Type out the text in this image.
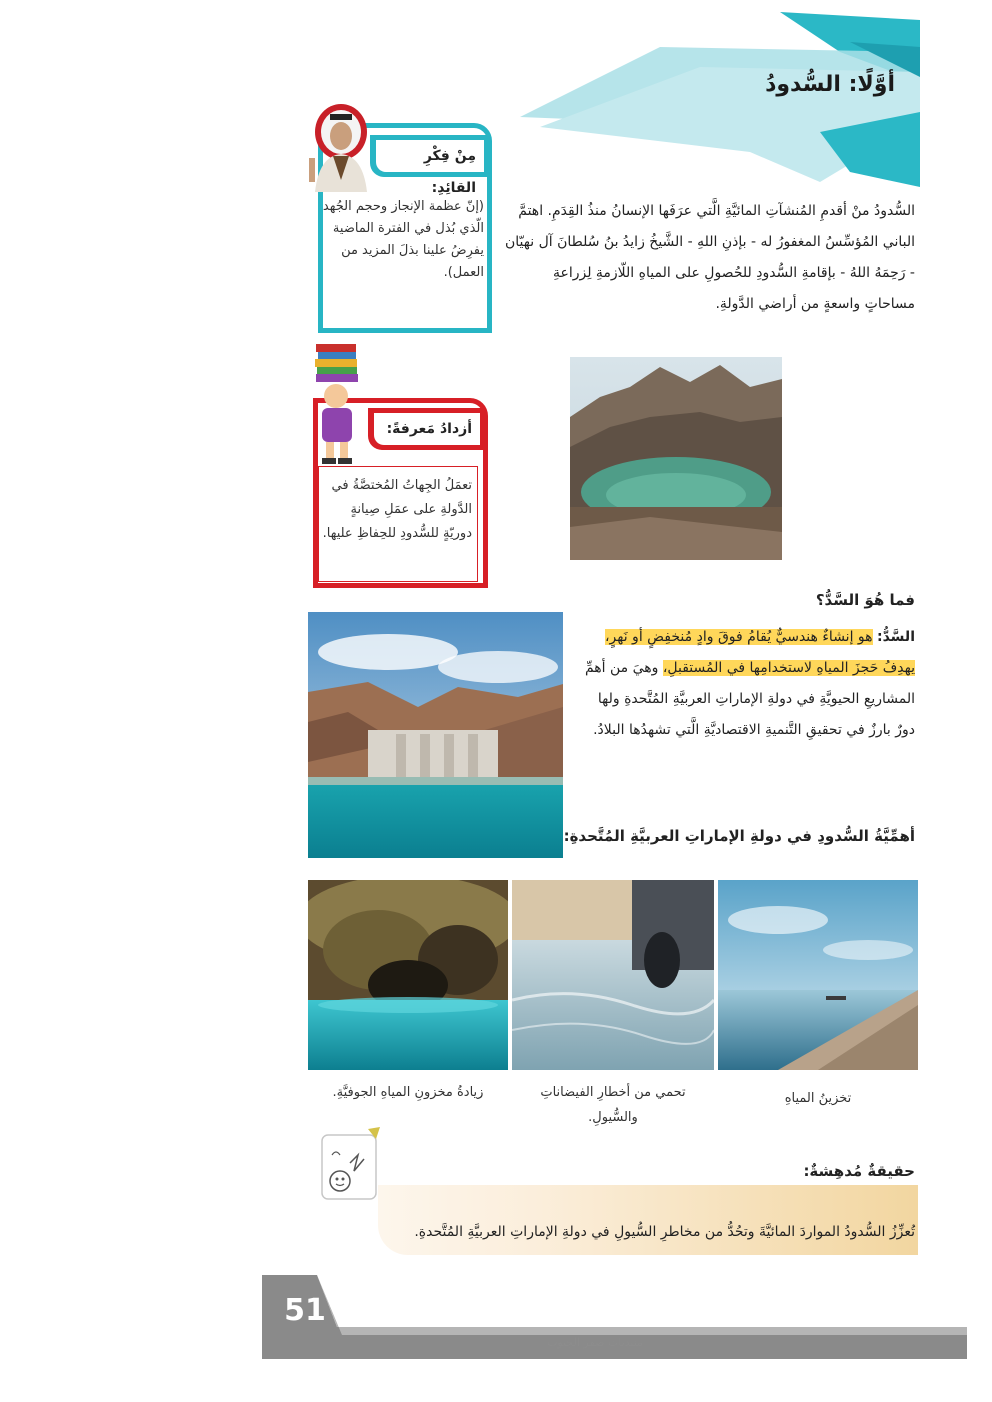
أوَّلًا: السُّدودُ
مِنْ فِكْرِ القائِدِ:
(إنّ عظمة الإنجاز وحجم الجُهد الّذي بُذل في الفترة الماضية يفرِضُ علينا بذلَ المزيد من العمل).
أزدادُ مَعرفةً:
تعمَلُ الجِهاتُ المُختصَّةُ في الدَّولةِ على عمَلِ صِيانةٍ دوريّةٍ للسُّدودِ للحِفاظِ عليها.
السُّدودُ منْ أقدمِ المُنشآتِ المائيَّةِ الَّتي عرَفَها الإنسانُ منذُ القِدَمِ. اهتمَّ الباني المُؤسِّسُ المغفورُ له - بإذنِ اللهِ - الشَّيخُ زايدُ بنُ سُلطانَ آل نهيّان - رَحِمَهُ اللهُ - بإقامةِ السُّدودِ للحُصولِ على المياهِ اللّازمةِ لِزراعةِ مساحاتٍ واسعةٍ من أراضي الدَّولةِ.
فما هُوَ السَّدُّ؟
السَّدُّ: هو إنشاءٌ هندسيٌّ يُقامُ فوقَ وادٍ مُنخفِضٍ أو نَهرٍ، يهدِفُ حَجزَ المياهِ لاستخدامِها في المُستقبلِ، وهيَ من أهمِّ المشاريعِ الحيويَّةِ في دولةِ الإماراتِ العربيَّةِ المُتَّحدةِ ولها دورٌ بارزٌ في تحقيقِ التَّنميةِ الاقتصاديَّةِ الَّتي تشهدُها البلادُ.
أهمِّيَّةُ السُّدودِ في دولةِ الإماراتِ العربيَّةِ المُتَّحدةِ:
تخزينُ المياهِ
تحمي من أخطارِ الفيضاناتِ
والسُّيولِ.
زيادةُ مخزونِ المياهِ الجوفيَّةِ.
حقيقةٌ مُدهِشةٌ:
تُعزِّزُ السُّدودُ المواردَ المائيَّةَ وتحُدُّ من مخاطرِ السُّيولِ في دولةِ الإماراتِ العربيَّةِ المُتَّحدةِ.
51
منتديات صقر الجنوب
